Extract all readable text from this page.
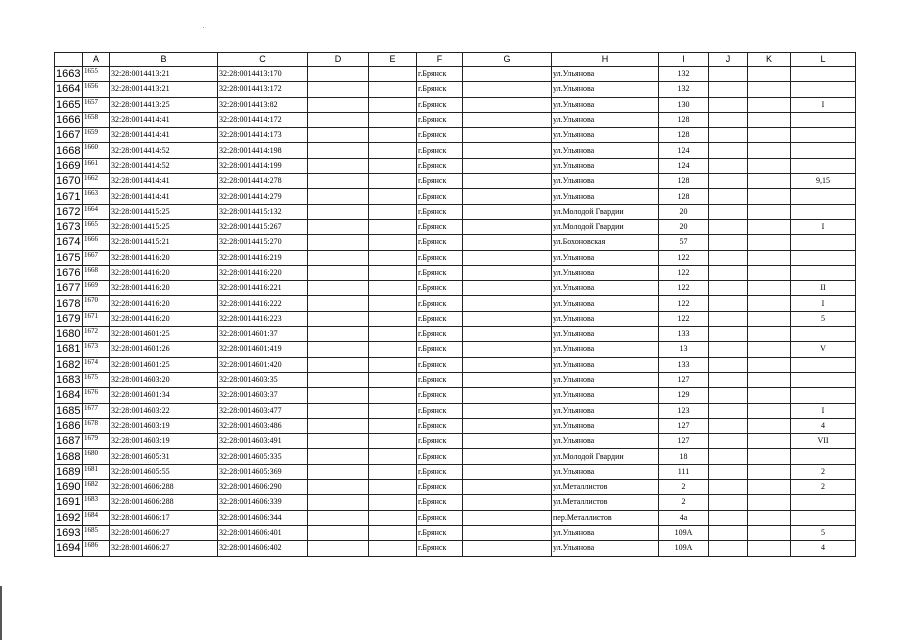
	A	B	C	D	E	F	G	H	I	J	K	L
1663	1655	32:28:0014413:21	32:28:0014413:170			г.Брянск		ул.Ульянова	132			
1664	1656	32:28:0014413:21	32:28:0014413:172			г.Брянск		ул.Ульянова	132			
1665	1657	32:28:0014413:25	32:28:0014413:82			г.Брянск		ул.Ульянова	130			I
1666	1658	32:28:0014414:41	32:28:0014414:172			г.Брянск		ул.Ульянова	128			
1667	1659	32:28:0014414:41	32:28:0014414:173			г.Брянск		ул.Ульянова	128			
1668	1660	32:28:0014414:52	32:28:0014414:198			г.Брянск		ул.Ульянова	124			
1669	1661	32:28:0014414:52	32:28:0014414:199			г.Брянск		ул.Ульянова	124			
1670	1662	32:28:0014414:41	32:28:0014414:278			г.Брянск		ул.Ульянова	128			9,15
1671	1663	32:28:0014414:41	32:28:0014414:279			г.Брянск		ул.Ульянова	128			
1672	1664	32:28:0014415:25	32:28:0014415:132			г.Брянск		ул.Молодой Гвардии	20			
1673	1665	32:28:0014415:25	32:28:0014415:267			г.Брянск		ул.Молодой Гвардии	20			I
1674	1666	32:28:0014415:21	32:28:0014415:270			г.Брянск		ул.Бохоновская	57			
1675	1667	32:28:0014416:20	32:28:0014416:219			г.Брянск		ул.Ульянова	122			
1676	1668	32:28:0014416:20	32:28:0014416:220			г.Брянск		ул.Ульянова	122			
1677	1669	32:28:0014416:20	32:28:0014416:221			г.Брянск		ул.Ульянова	122			II
1678	1670	32:28:0014416:20	32:28:0014416:222			г.Брянск		ул.Ульянова	122			I
1679	1671	32:28:0014416:20	32:28:0014416:223			г.Брянск		ул.Ульянова	122			5
1680	1672	32:28:0014601:25	32:28:0014601:37			г.Брянск		ул.Ульянова	133			
1681	1673	32:28:0014601:26	32:28:0014601:419			г.Брянск		ул.Ульянова	13			V
1682	1674	32:28:0014601:25	32:28:0014601:420			г.Брянск		ул.Ульянова	133			
1683	1675	32:28:0014603:20	32:28:0014603:35			г.Брянск		ул.Ульянова	127			
1684	1676	32:28:0014601:34	32:28:0014603:37			г.Брянск		ул.Ульянова	129			
1685	1677	32:28:0014603:22	32:28:0014603:477			г.Брянск		ул.Ульянова	123			I
1686	1678	32:28:0014603:19	32:28:0014603:486			г.Брянск		ул.Ульянова	127			4
1687	1679	32:28:0014603:19	32:28:0014603:491			г.Брянск		ул.Ульянова	127			VII
1688	1680	32:28:0014605:31	32:28:0014605:335			г.Брянск		ул.Молодой Гвардии	18			
1689	1681	32:28:0014605:55	32:28:0014605:369			г.Брянск		ул.Ульянова	111			2
1690	1682	32:28:0014606:288	32:28:0014606:290			г.Брянск		ул.Металлистов	2			2
1691	1683	32:28:0014606:288	32:28:0014606:339			г.Брянск		ул.Металлистов	2			
1692	1684	32:28:0014606:17	32:28:0014606:344			г.Брянск		пер.Металлистов	4а			
1693	1685	32:28:0014606:27	32:28:0014606:401			г.Брянск		ул.Ульянова	109А			5
1694	1686	32:28:0014606:27	32:28:0014606:402			г.Брянск		ул.Ульянова	109А			4
